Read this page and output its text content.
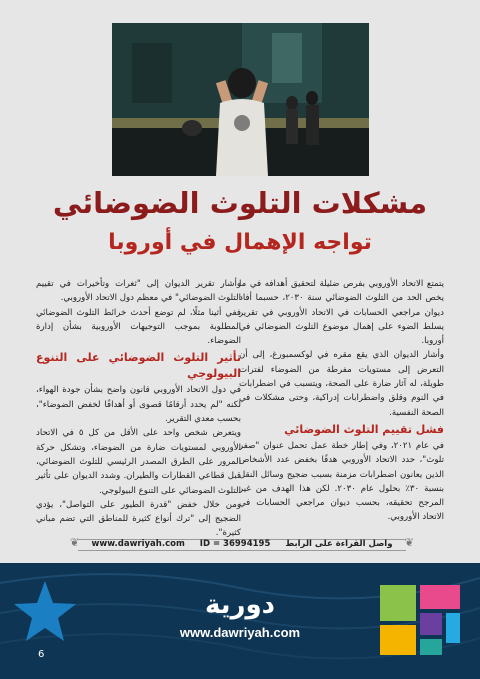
مشكلات التلوث الضوضائي
تواجه الإهمال في أوروبا

يتمتع الاتحاد الأوروبي بفرص ضئيلة لتحقيق أهدافه في ما يخص الحد من التلوث الضوضائي سنة ٢٠٣٠، حسبما أفاد ديوان مراجعي الحسابات في الاتحاد الأوروبي في تقرير يسلط الضوء على إهمال موضوع التلوث الضوضائي في أوروبا.

وأشار الديوان الذي يقع مقره في لوكسمبورغ، إلى أن التعرض إلى مستويات مفرطة من الضوضاء لفترات طويلة، له آثار ضارة على الصحة، ويتسبب في اضطرابات في النوم وقلق واضطرابات إدراكية، وحتى مشكلات في الصحة النفسية.

فشل تقييم التلوث الضوضائي

في عام ٢٠٢١، وفي إطار خطة عمل تحمل عنوان "صفر تلوث"، حدد الاتحاد الأوروبي هدفًا بخفض عدد الأشخاص الذين يعانون اضطرابات مزمنة بسبب ضجيج وسائل النقل بنسبة ٣٠٪ بحلول عام ٢٠٣٠. لكن هذا الهدف من غير المرجح تحقيقه، بحسب ديوان مراجعي الحسابات في الاتحاد الأوروبي.

وأشار تقرير الديوان إلى "ثغرات وتأخيرات في تقييم التلوث الضوضائي" في معظم دول الاتحاد الأوروبي.

ففي أثينا مثلًا، لم توضع أحدث خرائط التلوث الضوضائي المطلوبة بموجب التوجيهات الأوروبية بشأن إدارة الضوضاء.

تأثير التلوث الضوضائي على التنوع البيولوجي

في دول الاتحاد الأوروبي قانون واضح بشأن جودة الهواء، لكنه "لم يحدد أرقامًا قصوى أو أهدافًا لخفض الضوضاء"، بحسب معدي التقرير.

ويتعرض شخص واحد على الأقل من كل ٥ في الاتحاد الأوروبي لمستويات ضارة من الضوضاء، وتشكل حركة المرور على الطرق المصدر الرئيسي للتلوث الضوضائي، قبل قطاعي القطارات والطيران. وشدد الديوان على تأثير التلوث الضوضائي على التنوع البيولوجي.

ومن خلال خفض "قدرة الطيور على التواصل"، يؤدي الضجيج إلى "ترك أنواع كثيرة للمناطق التي تضم مباني كثيرة".

❦	❦
www.dawriyah.com ID = 36994195 واصل القراءة على الرابط
6
دورية
www.dawriyah.com
